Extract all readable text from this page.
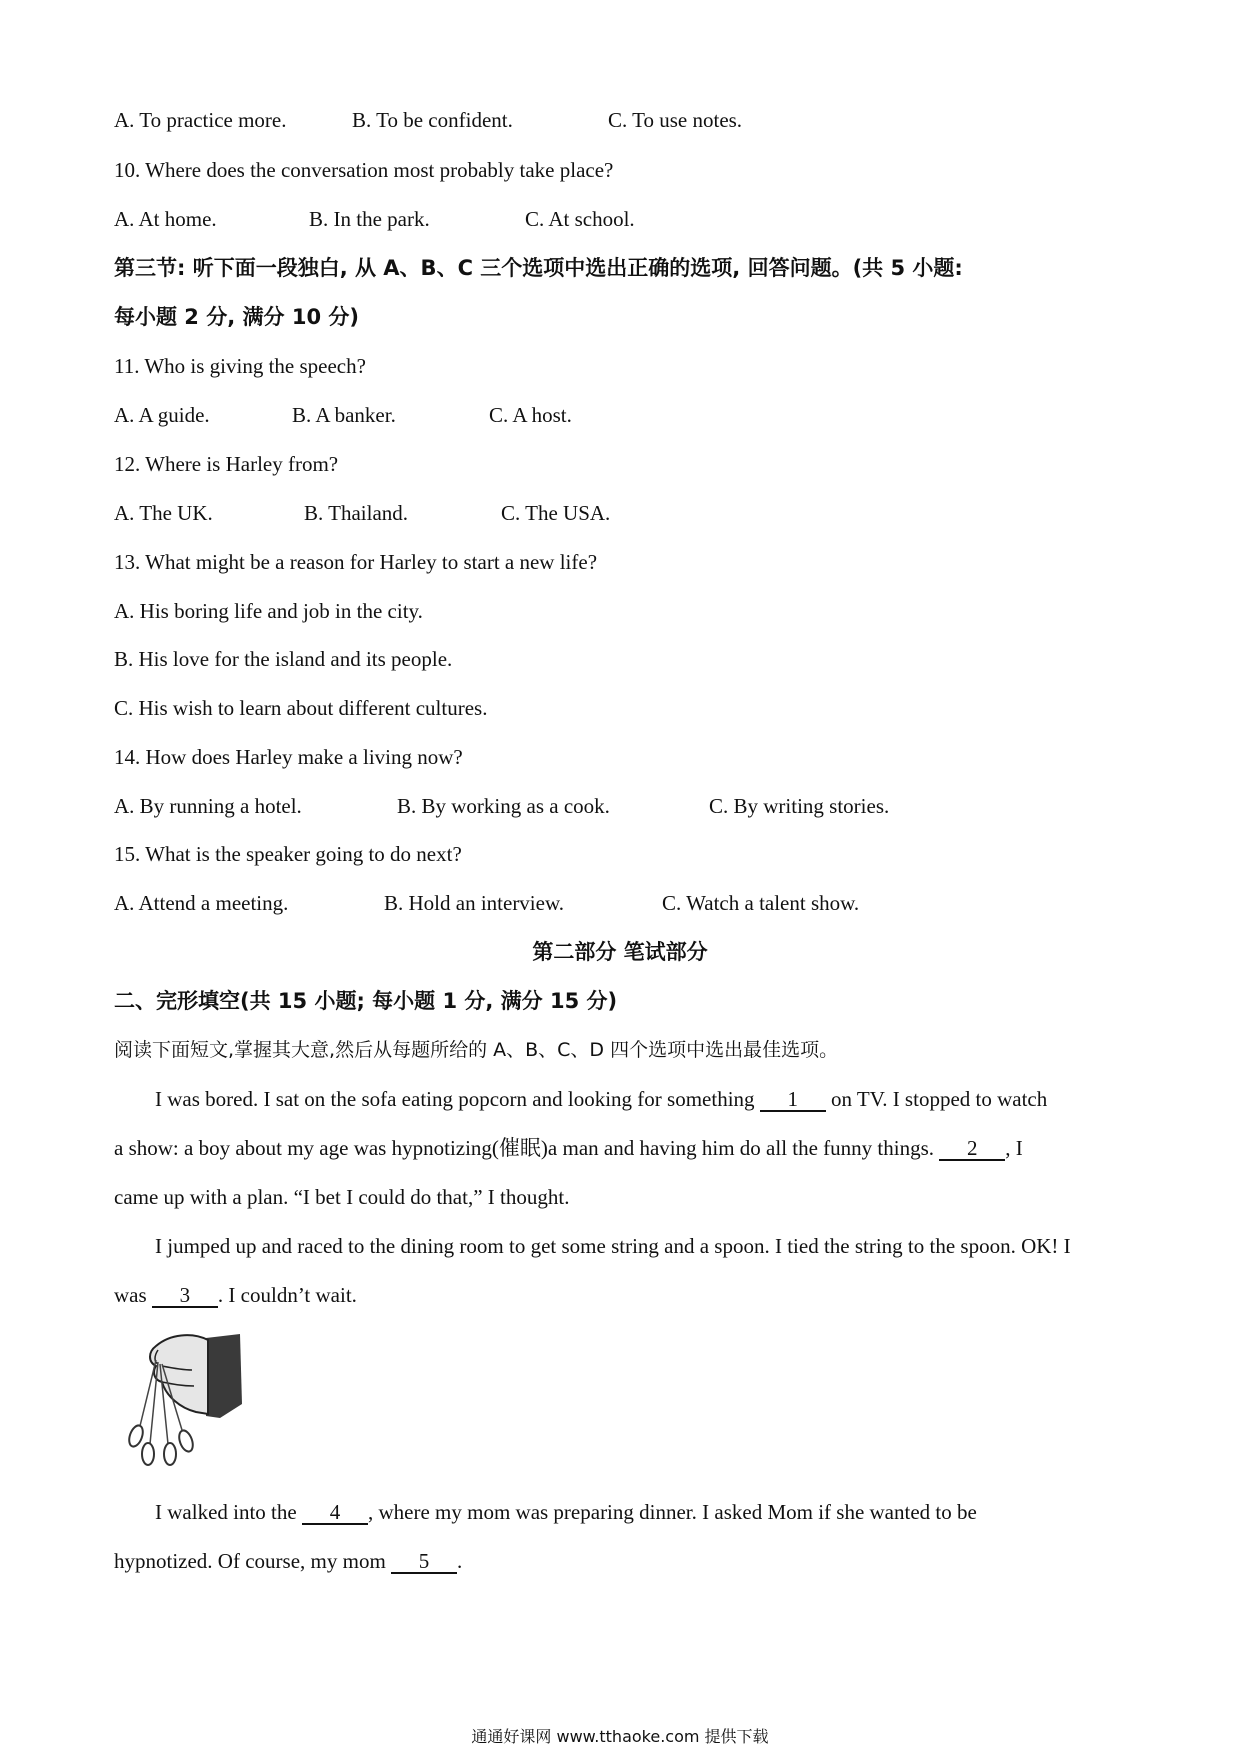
A. To practice more.	B. To be confident.	C. To use notes.
10. Where does the conversation most probably take place?
A. At home.	B. In the park.	C. At school.
第三节: 听下面一段独白, 从 A、B、C 三个选项中选出正确的选项, 回答问题。(共 5 小题:
每小题 2 分, 满分 10 分)
11. Who is giving the speech?
A. A guide.	B. A banker.	C. A host.
12. Where is Harley from?
A. The UK.	B. Thailand.	C. The USA.
13. What might be a reason for Harley to start a new life?
A. His boring life and job in the city.
B. His love for the island and its people.
C. His wish to learn about different cultures.
14. How does Harley make a living now?
A. By running a hotel.	B. By working as a cook.	C. By writing stories.
15. What is the speaker going to do next?
A. Attend a meeting.	B. Hold an interview.	C. Watch a talent show.
第二部分 笔试部分
二、完形填空(共 15 小题; 每小题 1 分, 满分 15 分)
阅读下面短文,掌握其大意,然后从每题所给的 A、B、C、D 四个选项中选出最佳选项。
I was bored. I sat on the sofa eating popcorn and looking for something 1 on TV. I stopped to watch
a show: a boy about my age was hypnotizing(催眠)a man and having him do all the funny things. 2 , I
came up with a plan. “I bet I could do that,” I thought.
I jumped up and raced to the dining room to get some string and a spoon. I tied the string to the spoon. OK! I
was 3 . I couldn’t wait.
I walked into the 4 , where my mom was preparing dinner. I asked Mom if she wanted to be
hypnotized. Of course, my mom 5 .
通通好课网 www.tthaoke.com 提供下载
